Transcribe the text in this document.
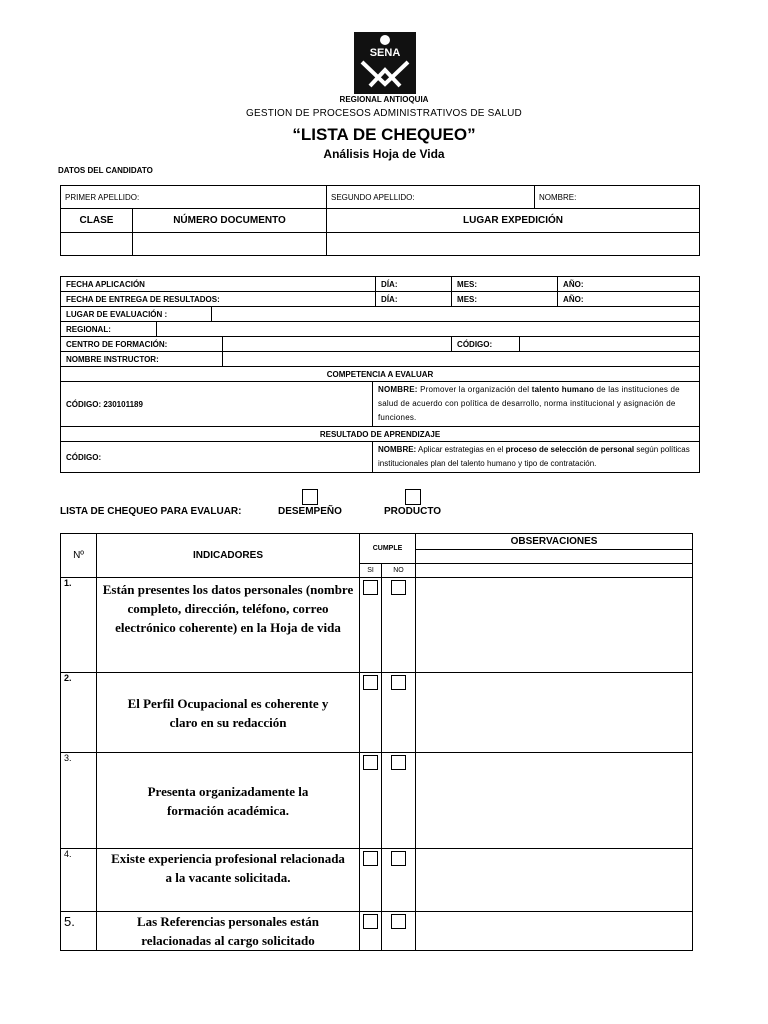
SENA
REGIONAL ANTIOQUIA
GESTION DE PROCESOS ADMINISTRATIVOS DE SALUD
“LISTA DE CHEQUEO”
Análisis Hoja de Vida
DATOS DEL CANDIDATO
PRIMER APELLIDO:		SEGUNDO APELLIDO:	NOMBRE:
CLASE	NÚMERO DOCUMENTO	LUGAR EXPEDICIÓN	

FECHA APLICACIÓN					DÍA:	MES:		AÑO:
FECHA DE ENTREGA DE RESULTADOS:					DÍA:	MES:		AÑO:
LUGAR DE EVALUACIÓN :								
REGIONAL:								
CENTRO DE FORMACIÓN:						CÓDIGO:		
NOMBRE INSTRUCTOR:								
COMPETENCIA A EVALUAR								
CÓDIGO: 230101189				NOMBRE: Promover la organización del talento humano de las instituciones de salud de acuerdo con política de desarrollo, norma institucional y asignación de funciones.				
RESULTADO DE APRENDIZAJE								
CÓDIGO:				NOMBRE: Aplicar estrategias en el proceso de selección de personal según políticas institucionales plan del talento humano y tipo de contratación.				
LISTA DE CHEQUEO PARA EVALUAR:	DESEMPEÑO	PRODUCTO
Nº	INDICADORES	CUMPLE		OBSERVACIONES

		SI	NO	
1.	Están presentes los datos personales (nombre completo, dirección, teléfono, correo electrónico coherente) en la Hoja de vida			
2.	El Perfil Ocupacional es coherente y claro en su redacción			
3.	Presenta organizadamente la formación académica.			
4.	Existe experiencia profesional relacionada a la vacante solicitada.			
5.	Las Referencias personales están relacionadas al cargo solicitado			
